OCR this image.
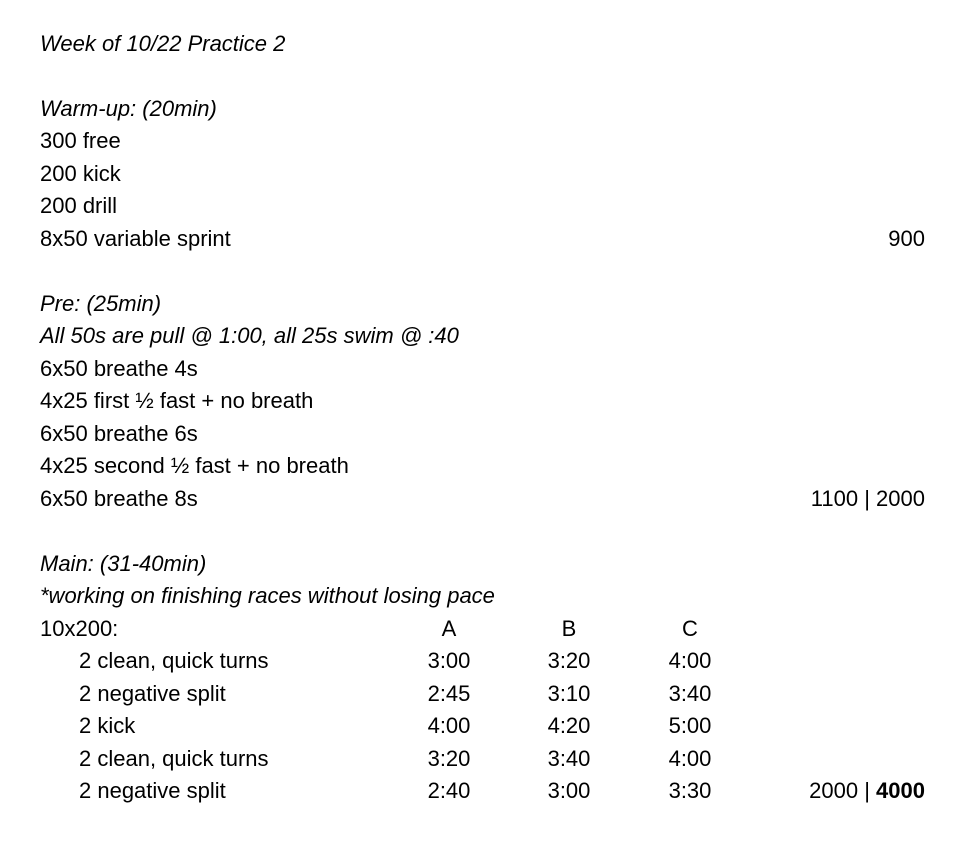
Week of 10/22 Practice 2
Warm-up: (20min)
300 free
200 kick
200 drill
8x50 variable sprint	900
Pre: (25min)
All 50s are pull @ 1:00, all 25s swim @ :40
6x50 breathe 4s
4x25 first ½ fast + no breath
6x50 breathe 6s
4x25 second ½ fast + no breath
6x50 breathe 8s	1100 | 2000
Main: (31-40min)
*working on finishing races without losing pace
10x200:	A	B	C
2 clean, quick turns	3:00	3:20	4:00
2 negative split	2:45	3:10	3:40
2 kick	4:00	4:20	5:00
2 clean, quick turns	3:20	3:40	4:00
2 negative split	2:40	3:00	3:30	2000 | 4000
